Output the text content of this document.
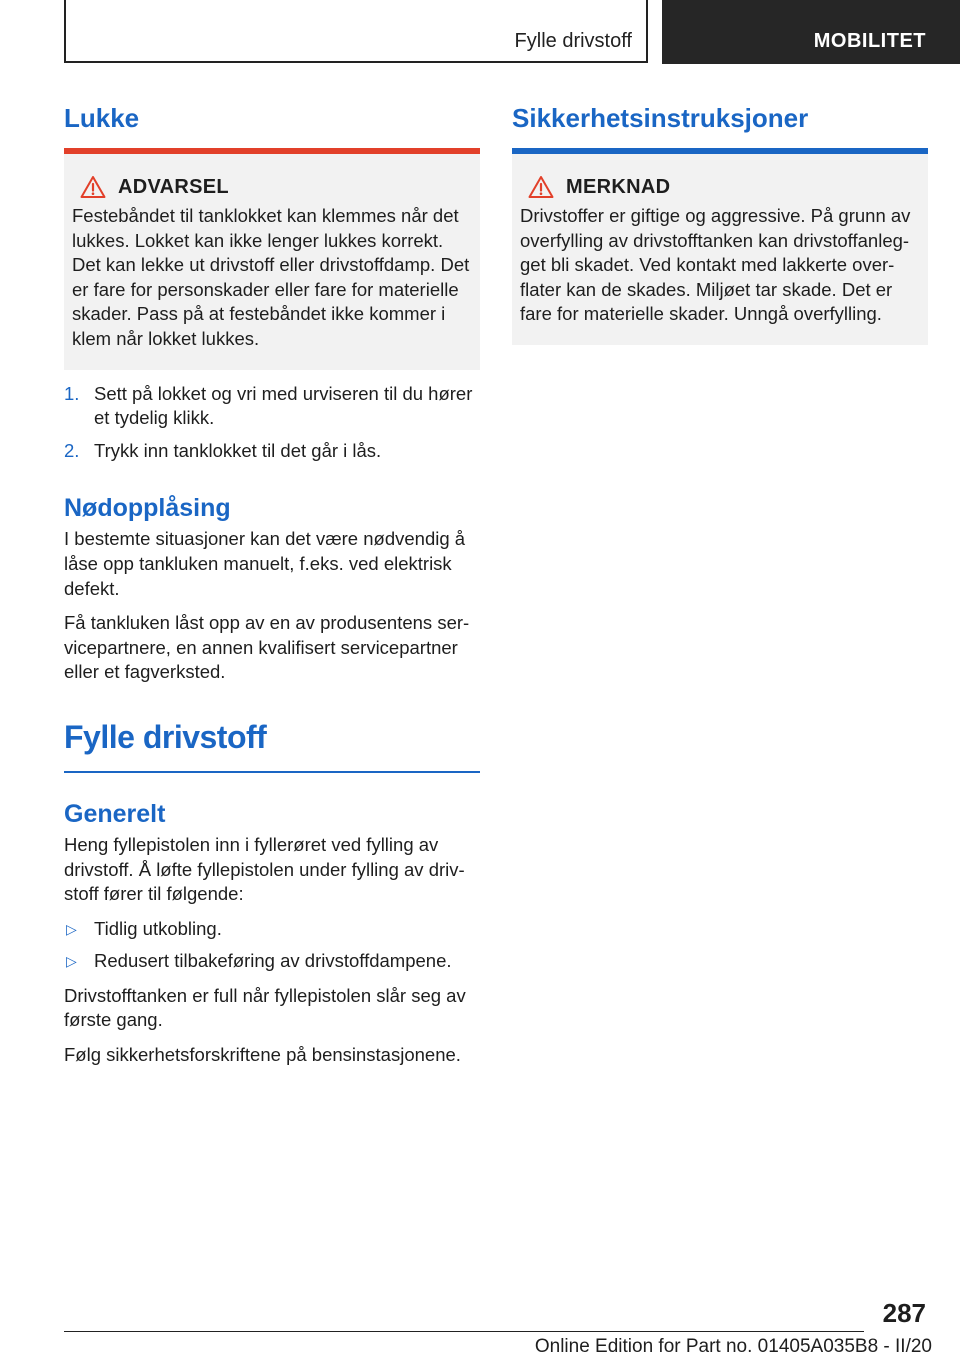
Fylle drivstoff	MOBILITET
Lukke
ADVARSEL

Festebåndet til tanklokket kan klemmes når det lukkes. Lokket kan ikke lenger lukkes korrekt. Det kan lekke ut drivstoff eller drivstoffdamp. Det er fare for personskader eller fare for materielle skader. Pass på at festebåndet ikke kommer i klem når lokket lukkes.

1. Sett på lokket og vri med urviseren til du hører et tydelig klikk.
2. Trykk inn tanklokket til det går i lås.
Nødopplåsing

I bestemte situasjoner kan det være nødvendig å låse opp tankluken manuelt, f.eks. ved elektrisk defekt.

Få tankluken låst opp av en av produsentens servicepartnere, en annen kvalifisert servicepartner eller et fagverksted.

Fylle drivstoff
Generelt

Heng fyllepistolen inn i fyllerøret ved fylling av drivstoff. Å løfte fyllepistolen under fylling av drivstoff fører til følgende:

▷ Tidlig utkobling.
▷ Redusert tilbakeføring av drivstoffdampene.

Drivstofftanken er full når fyllepistolen slår seg av første gang.

Følg sikkerhetsforskriftene på bensinstasjonene.

Sikkerhetsinstruksjoner
MERKNAD

Drivstoffer er giftige og aggressive. På grunn av overfylling av drivstofftanken kan drivstoffanlegget bli skadet. Ved kontakt med lakkerte overflater kan de skades. Miljøet tar skade. Det er fare for materielle skader. Unngå overfylling.

287
Online Edition for Part no. 01405A035B8 - II/20
